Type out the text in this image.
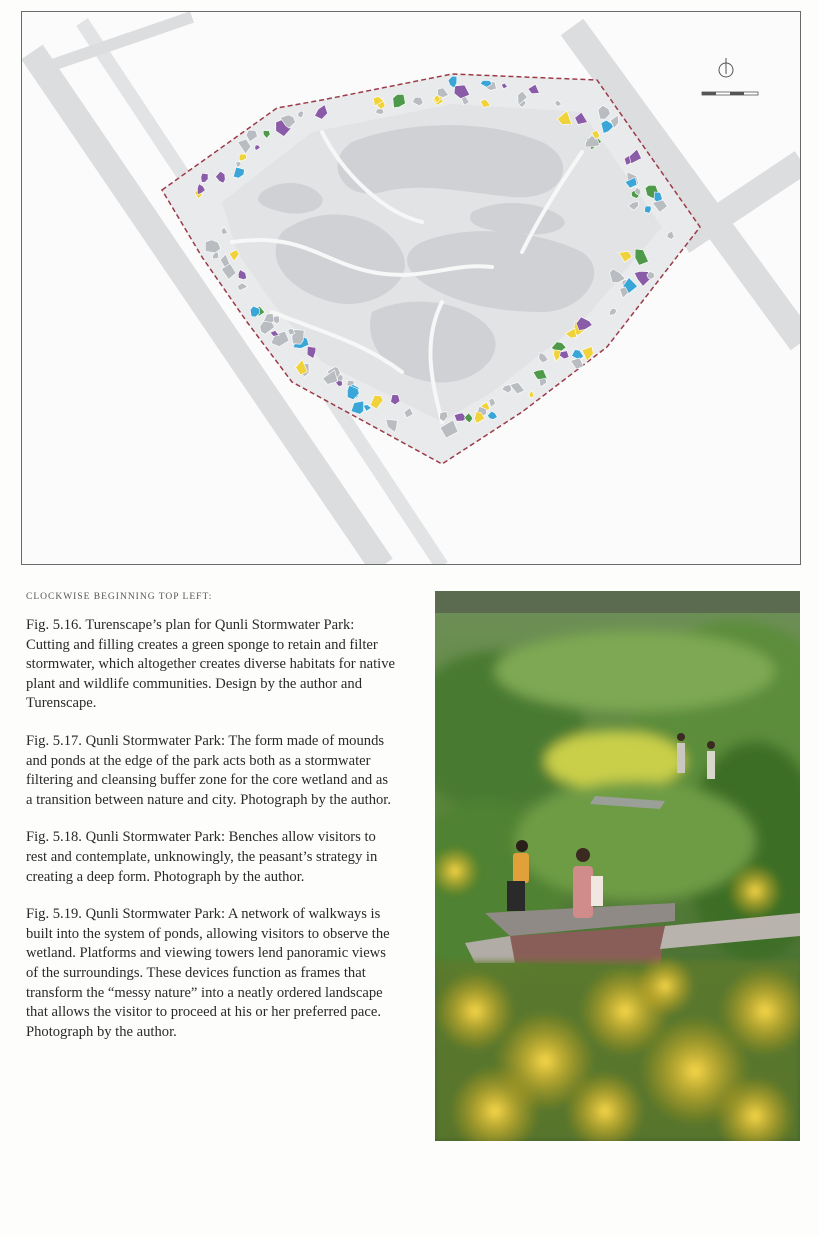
CLOCKWISE BEGINNING TOP LEFT:

Fig. 5.16. Turenscape’s plan for Qunli Stormwater Park: Cutting and filling creates a green sponge to retain and filter stormwater, which altogether creates diverse habitats for native plant and wildlife communities. Design by the author and Turenscape.

Fig. 5.17. Qunli Stormwater Park: The form made of mounds and ponds at the edge of the park acts both as a stormwater filtering and cleansing buffer zone for the core wetland and as a transition between nature and city. Photograph by the author.

Fig. 5.18. Qunli Stormwater Park: Benches allow visitors to rest and contemplate, unknowingly, the peasant’s strategy in creating a deep form. Photograph by the author.

Fig. 5.19. Qunli Stormwater Park: A network of walkways is built into the system of ponds, allowing visitors to observe the wetland. Platforms and viewing towers lend panoramic views of the surroundings. These devices function as frames that transform the “messy nature” into a neatly ordered landscape that allows the visitor to proceed at his or her preferred pace. Photograph by the author.
